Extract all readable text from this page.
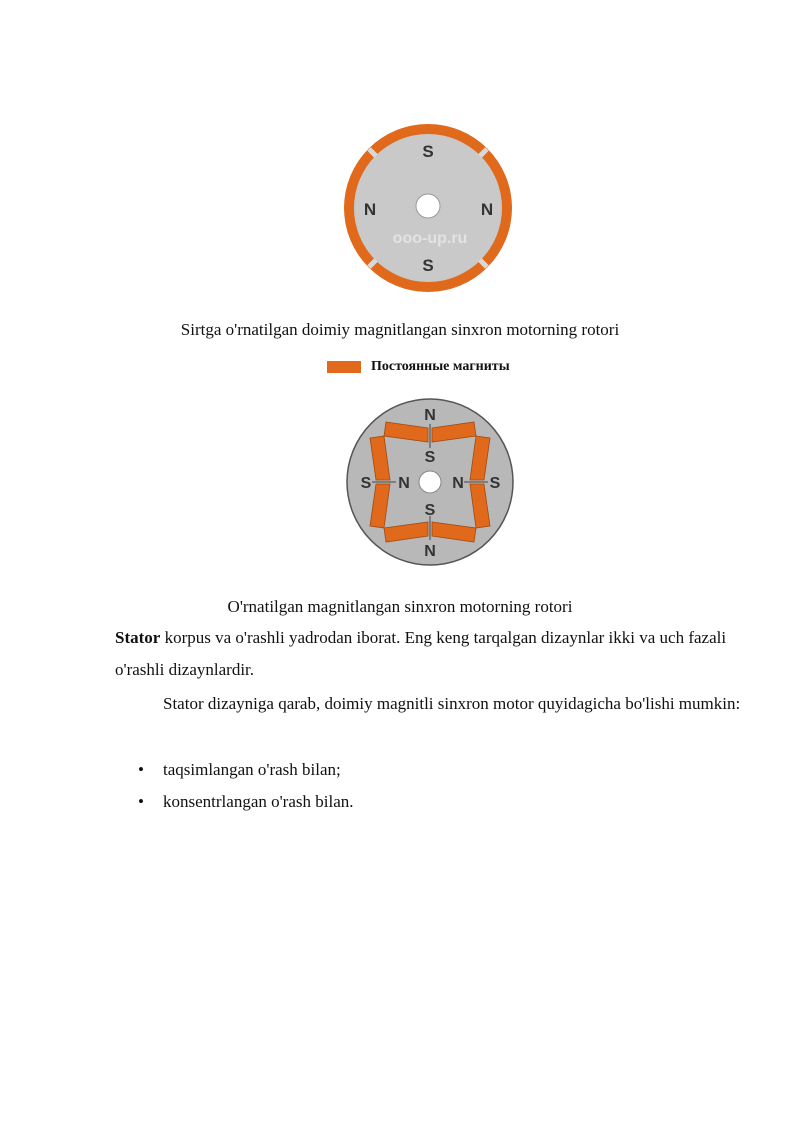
S
N	N
S
ooo-up.ru
Sirtga o'rnatilgan doimiy magnitlangan sinxron motorning rotori
Постоянные магниты
N
N
S	S
S
S
N	N
O'rnatilgan magnitlangan sinxron motorning rotori
Stator korpus va o'rashli yadrodan iborat. Eng keng tarqalgan dizaynlar ikki va uch fazali o'rashli dizaynlardir.
Stator dizayniga qarab, doimiy magnitli sinxron motor quyidagicha bo'lishi mumkin:
• taqsimlangan o'rash bilan;
• konsentrlangan o'rash bilan.
